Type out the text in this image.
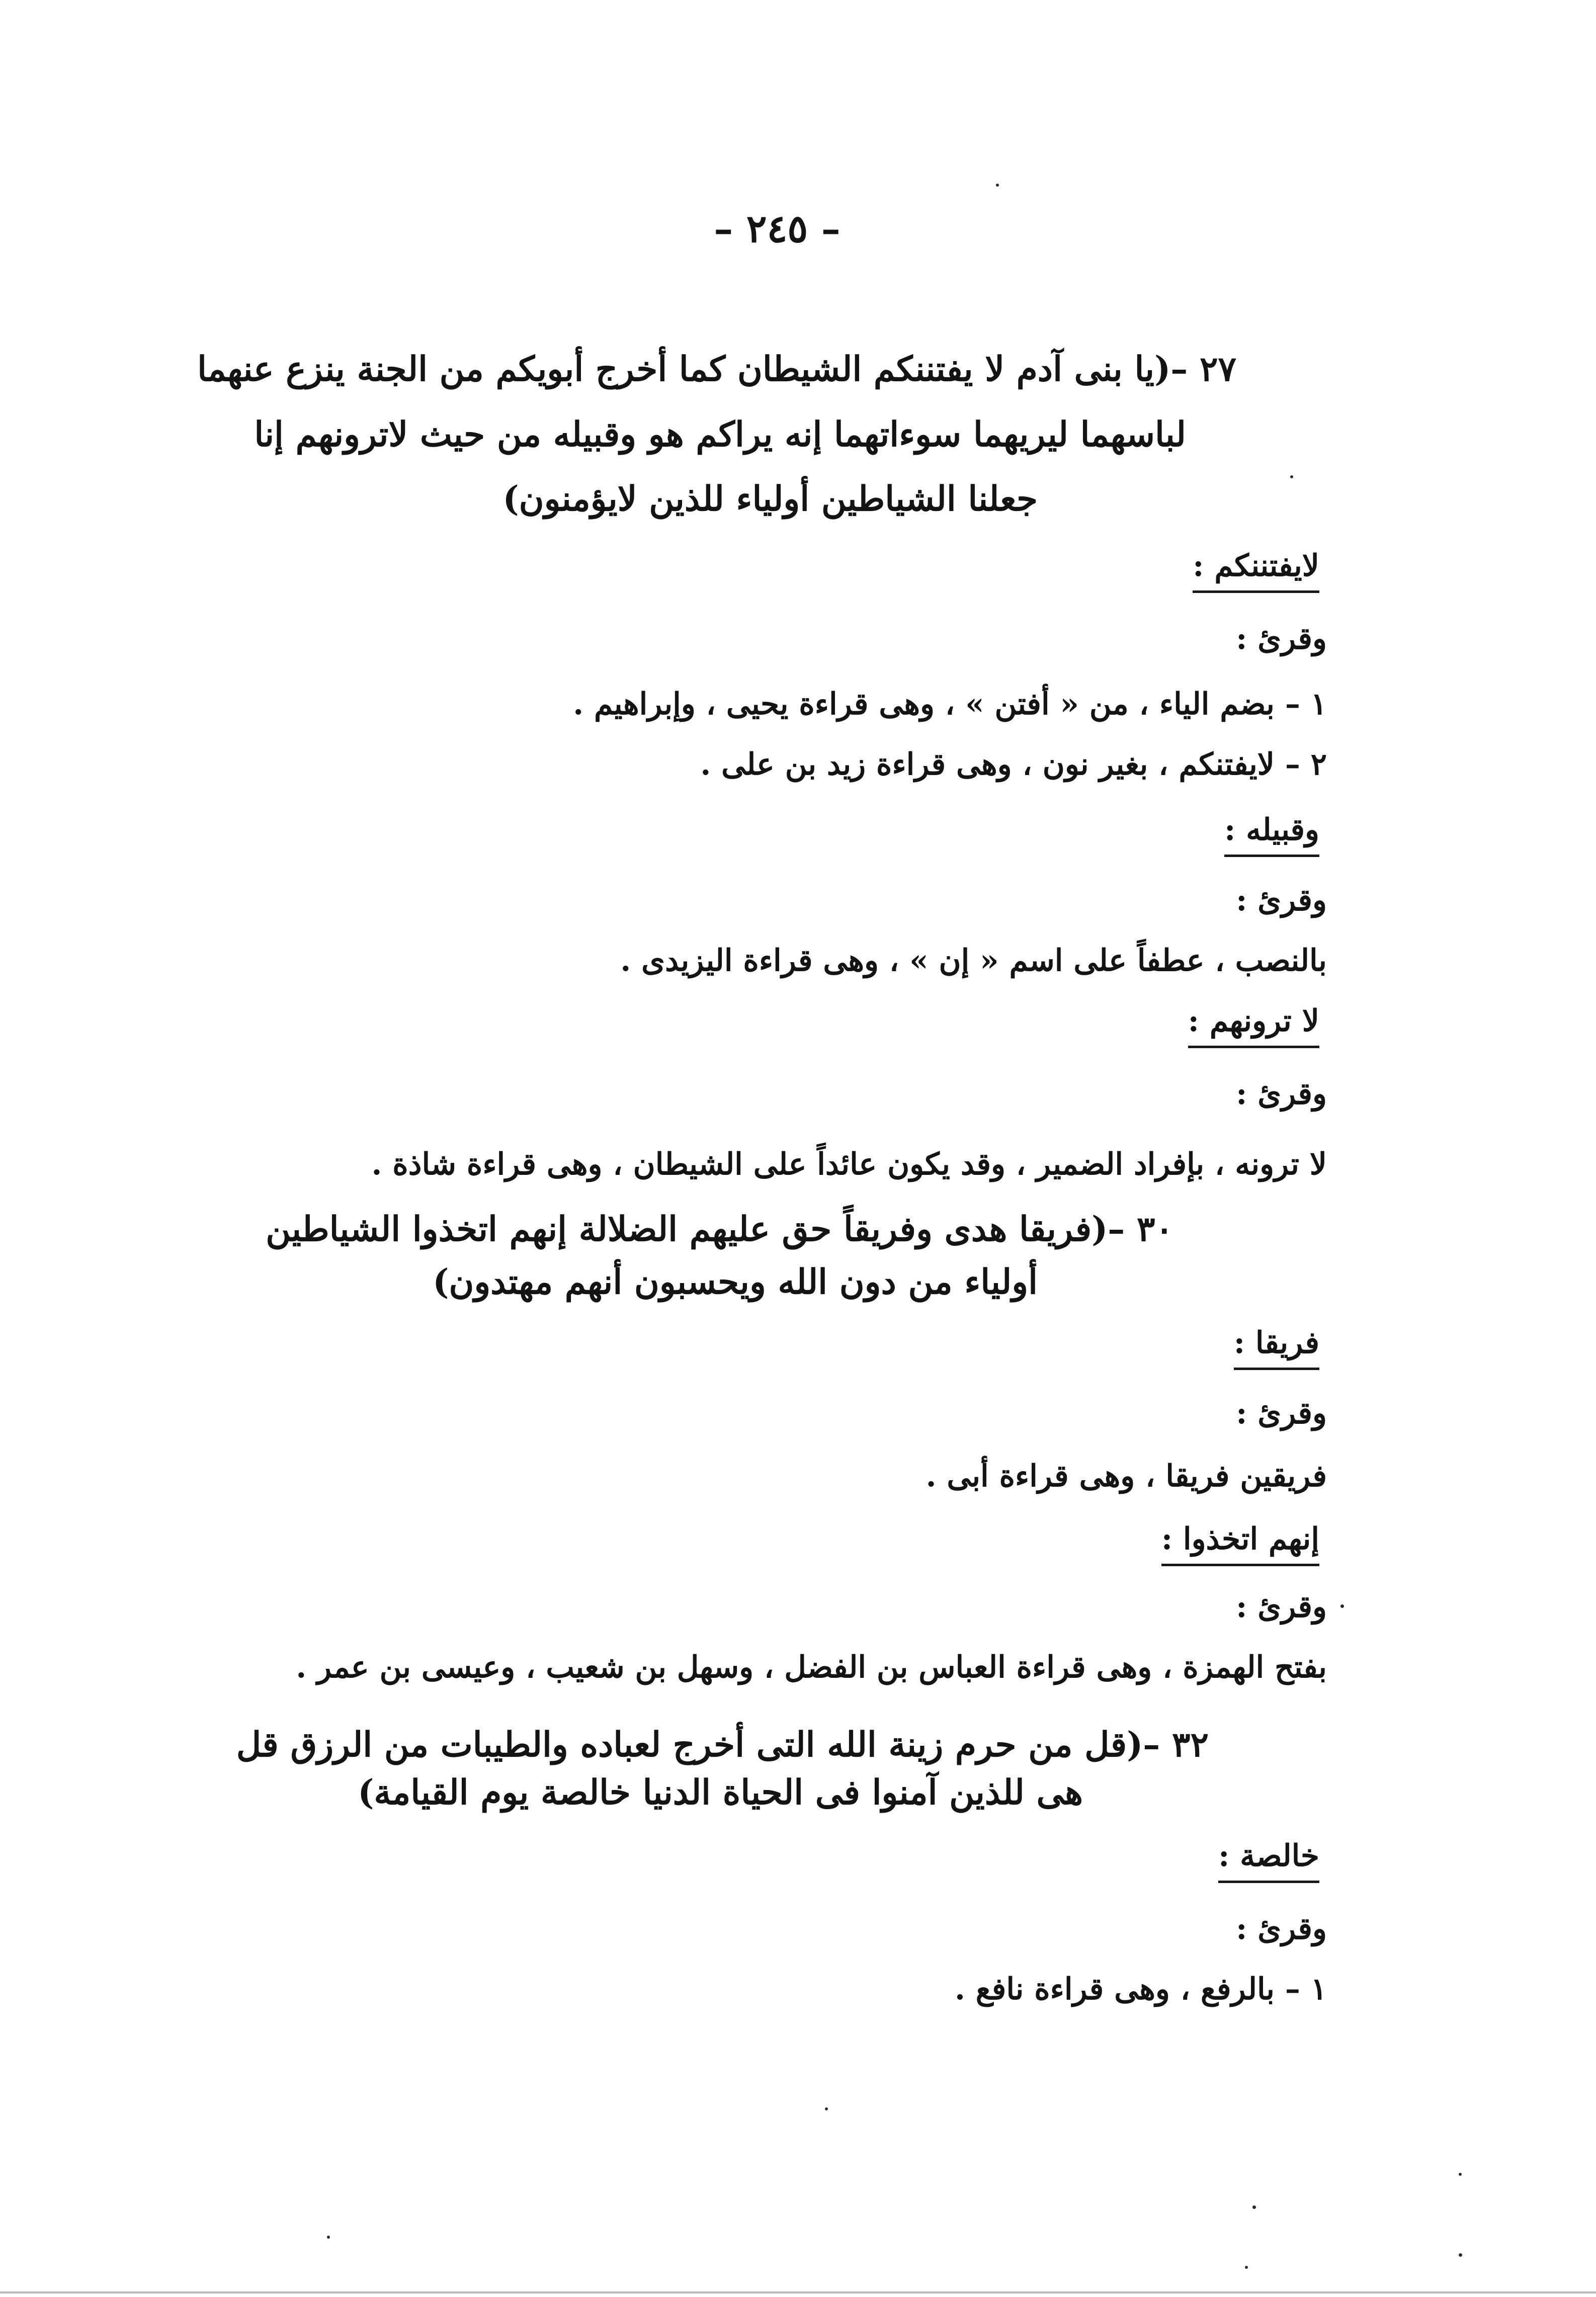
– ٢٤٥ –
٢٧ –(يا بنى آدم لا يفتننكم الشيطان كما أخرج أبويكم من الجنة ينزع عنهما
لباسهما ليريهما سوءاتهما إنه يراكم هو وقبيله من حيث لاترونهم إنا
جعلنا الشياطين أولياء للذين لايؤمنون)
لايفتننكم :
وقرئ :
١ – بضم الياء ، من « أفتن » ، وهى قراءة يحيى ، وإبراهيم .
٢ – لايفتنكم ، بغير نون ، وهى قراءة زيد بن على .
وقبيله :
وقرئ :
بالنصب ، عطفاً على اسم « إن » ، وهى قراءة اليزيدى .
لا ترونهم :
وقرئ :
لا ترونه ، بإفراد الضمير ، وقد يكون عائداً على الشيطان ، وهى قراءة شاذة .
٣٠ –(فريقا هدى وفريقاً حق عليهم الضلالة إنهم اتخذوا الشياطين
أولياء من دون الله ويحسبون أنهم مهتدون)
فريقا :
وقرئ :
فريقين فريقا ، وهى قراءة أبى .
إنهم اتخذوا :
وقرئ :
بفتح الهمزة ، وهى قراءة العباس بن الفضل ، وسهل بن شعيب ، وعيسى بن عمر .
٣٢ –(قل من حرم زينة الله التى أخرج لعباده والطيبات من الرزق قل
هى للذين آمنوا فى الحياة الدنيا خالصة يوم القيامة)
خالصة :
وقرئ :
١ – بالرفع ، وهى قراءة نافع .
